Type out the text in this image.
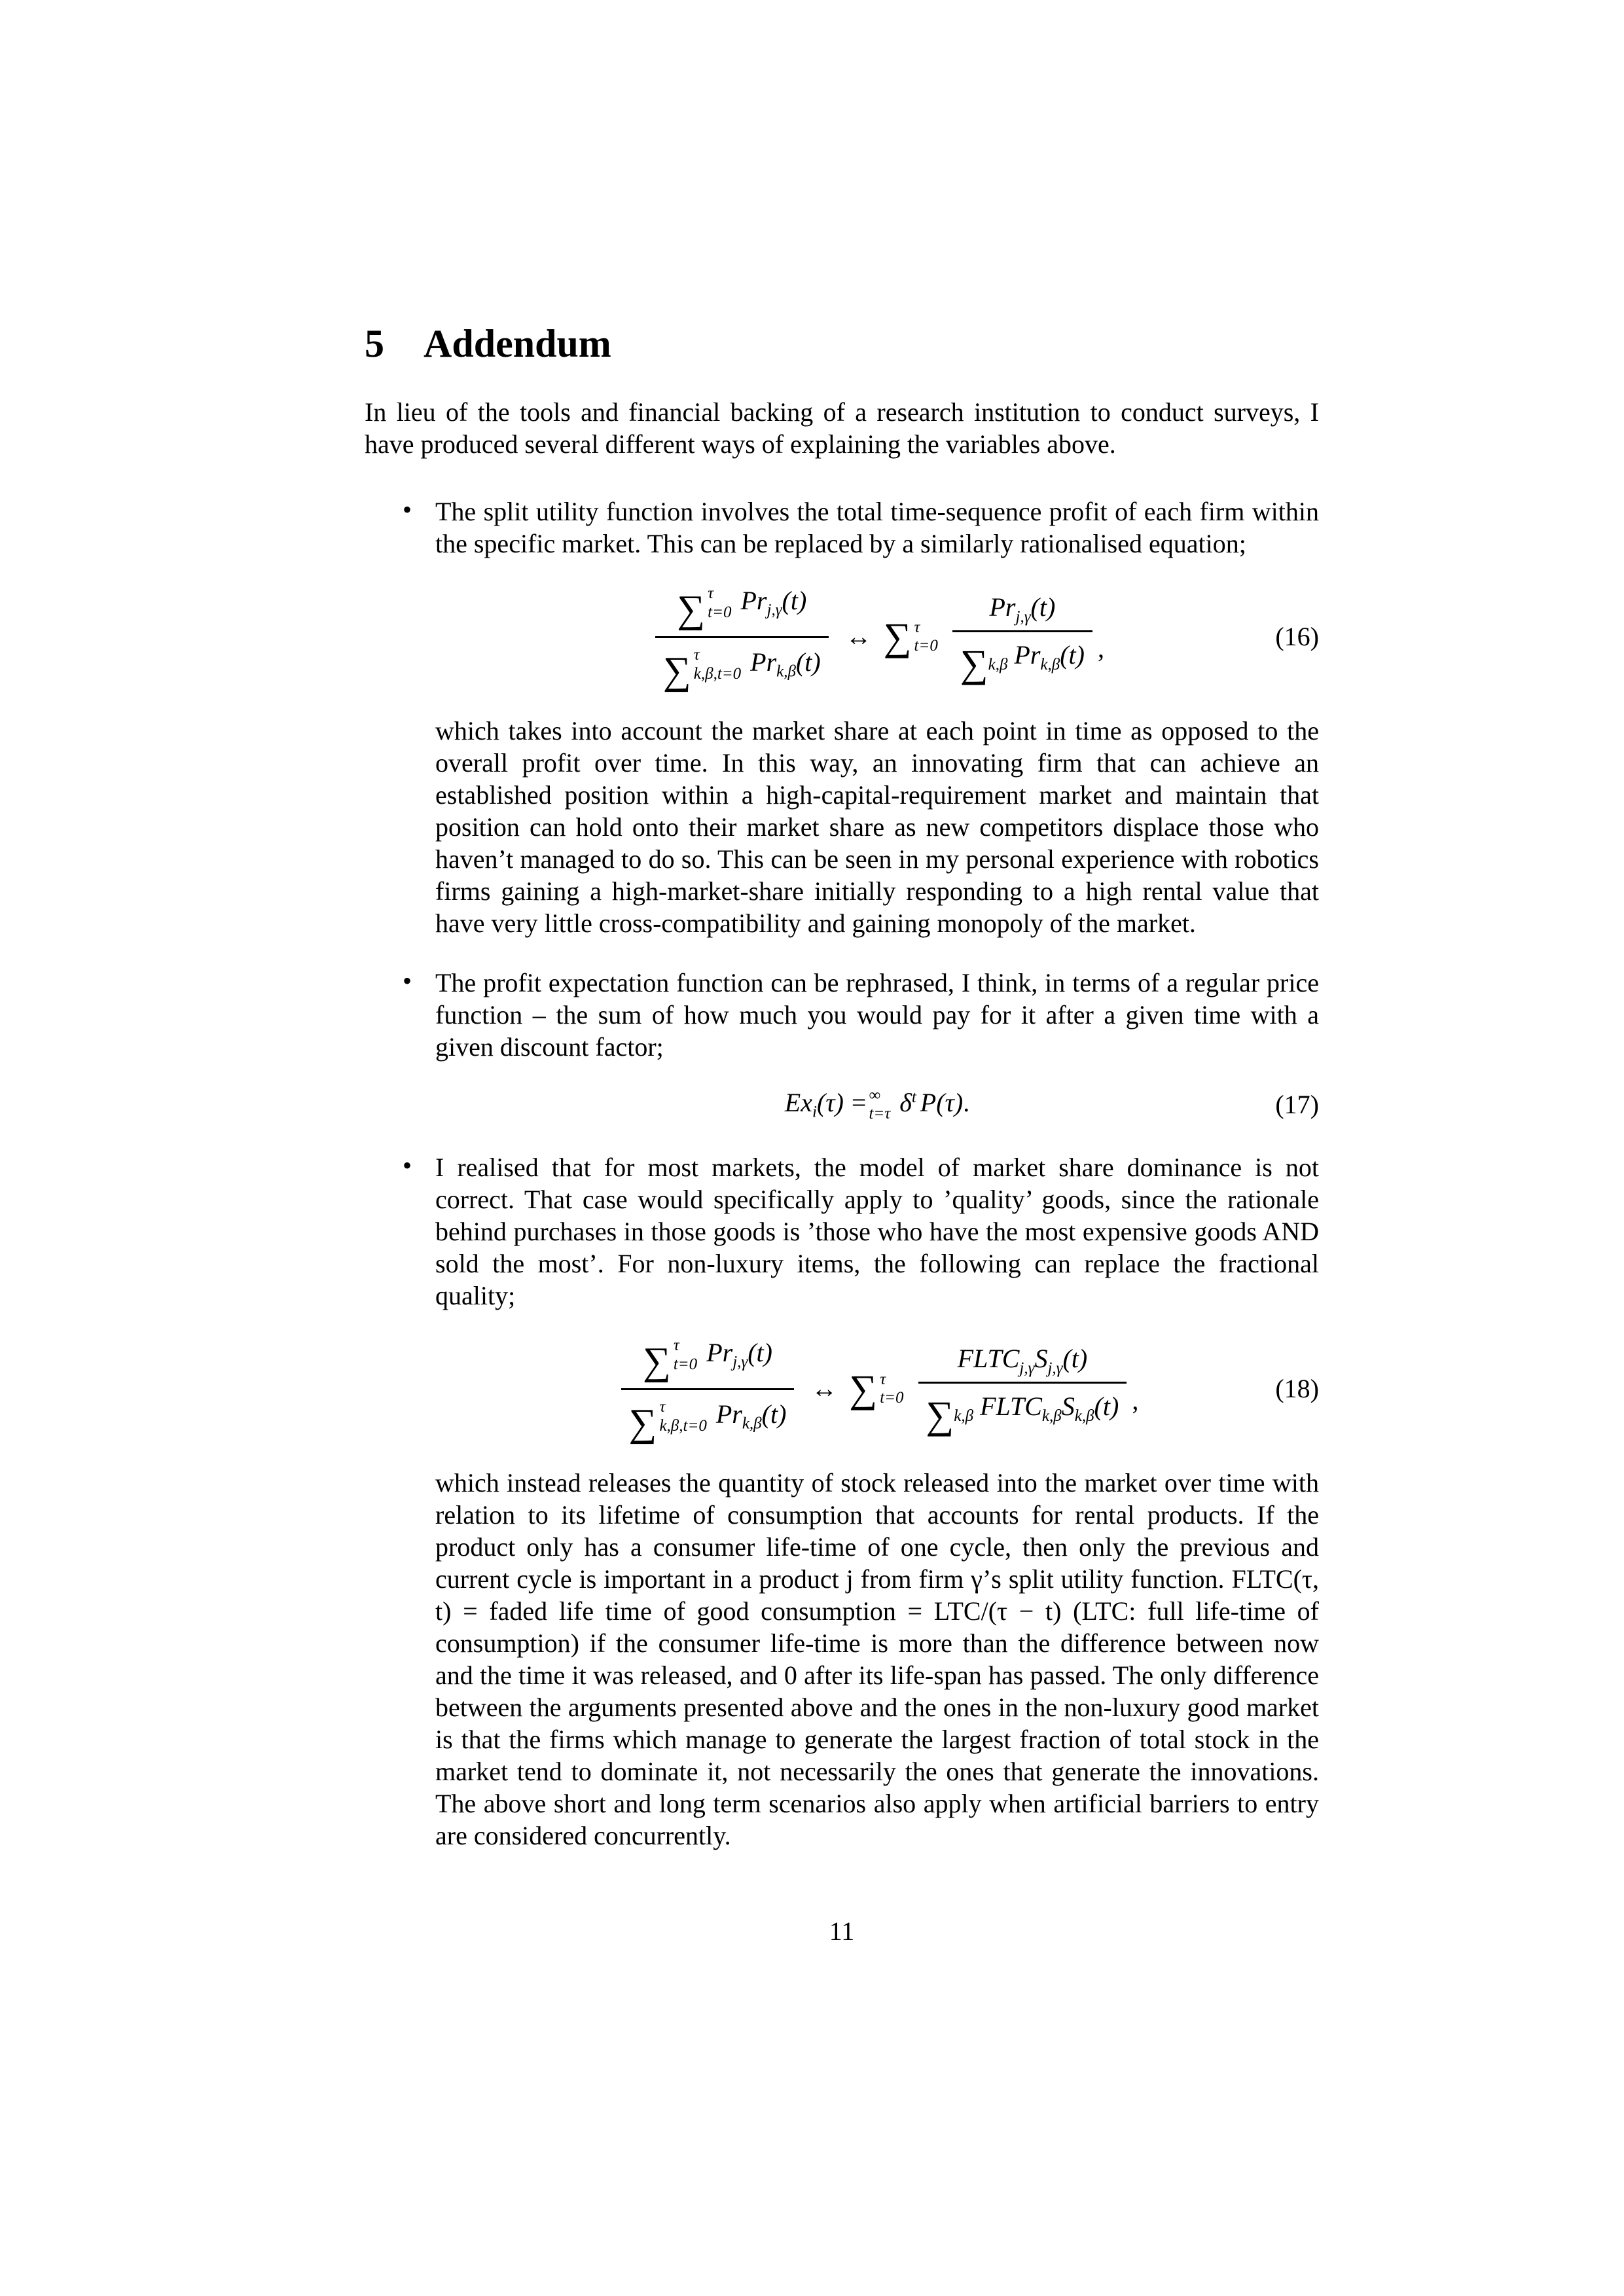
5 Addendum

In lieu of the tools and financial backing of a research institution to conduct surveys, I have produced several different ways of explaining the variables above.

• The split utility function involves the total time-sequence profit of each firm within the specific market. This can be replaced by a similarly rationalised equation;

∑ τ
t=0 $Pr_{j,\gamma}(t)$
∑ τ
k,β,t=0 $Pr_{k,\beta}(t)$ ↔ ∑ τ
$t=0 \frac{Pr_{j,\gamma}(t)}{\sum_{k,\beta} Pr_{k,\beta}(t)}$ ,	(16)

which takes into account the market share at each point in time as opposed to the overall profit over time. In this way, an innovating firm that can achieve an established position within a high-capital-requirement market and maintain that position can hold onto their market share as new competitors displace those who haven’t managed to do so. This can be seen in my personal experience with robotics firms gaining a high-market-share initially responding to a high rental value that have very little cross-compatibility and gaining monopoly of the market.

• The profit expectation function can be rephrased, I think, in terms of a regular price function – the sum of how much you would pay for it after a given time with a given discount factor;

$Ex_i(\tau)$ = ∞
t=τ $\delta^t$ P(τ).	(17)
• I realised that for most markets, the model of market share dominance is not correct. That case would specifically apply to ’quality’ goods, since the rationale behind purchases in those goods is ’those who have the most expensive goods AND sold the most’. For non-luxury items, the following can replace the fractional quality;

∑ τ
t=0 $Pr_{j,\gamma}(t)$
∑ τ
k,β,t=0 $Pr_{k,\beta}(t)$ ↔ ∑ τ
$t=0 \frac{FLTC_{j,\gamma}S_{j,\gamma}(t)}{\sum_{k,\beta} FLTC_{k,\beta}S_{k,\beta}(t)}$ ,	(18)

which instead releases the quantity of stock released into the market over time with relation to its lifetime of consumption that accounts for rental products. If the product only has a consumer life-time of one cycle, then only the previous and current cycle is important in a product j from firm γ’s split utility function. FLTC(τ, t) = faded life time of good consumption = LTC/(τ − t) (LTC: full life-time of consumption) if the consumer life-time is more than the difference between now and the time it was released, and 0 after its life-span has passed. The only difference between the arguments presented above and the ones in the non-luxury good market is that the firms which manage to generate the largest fraction of total stock in the market tend to dominate it, not necessarily the ones that generate the innovations. The above short and long term scenarios also apply when artificial barriers to entry are considered concurrently.

11
